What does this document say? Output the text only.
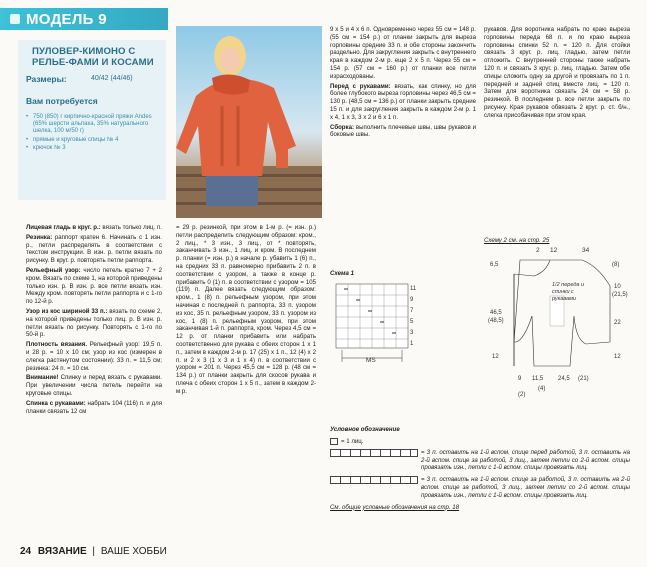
МОДЕЛЬ 9
ПУЛОВЕР-КИМОНО С РЕЛЬЕ-ФАМИ И КОСАМИ
Размеры:	40/42 (44/46)
Вам потребуется
• 750 (850) г кирпично-красной пряжи Andes (65% шерсти альпака, 35% натурального шелка, 100 м/50 г)
• прямые и круговые спицы № 4
• крючок № 3

Лицевая гладь в круг. р.: вязать только лиц. п.

Резинка: раппорт кратен 6. Начинать с 1 изн. р., петли распределять в соответствии с текстом инструкции. В изн. р. петли вязать по рисунку. В круг. р. повторять петли раппорта.

Рельефный узор: число петель кратно 7 + 2 кром. Вязать по схеме 1, на которой приведены только изн. р. В изн. р. все петли вязать изн. Между кром. повторять петли раппорта и с 1-го по 12-й р.

Узор из кос шириной 33 п.: вязать по схеме 2, на которой приведены только лиц. р. В изн. р. петли вязать по рисунку. Повторять с 1-го по 50-й р.

Плотность вязания. Рельефный узор: 19,5 п. и 28 р. = 10 х 10 см; узор из кос (измерен в слегка растянутом состоянии): 33 п. = 11,5 см; резинка: 24 п. = 10 см.

Внимание! Спинку и перед вязать с рукавами. При увеличении числа петель перейти на круговые спицы.

Спинка с рукавами: набрать 104 (116) п. и для планки связать 12 см

= 29 р. резинкой, при этом в 1-м р. (= изн. р.) петли распределить следующим образом: кром., 2 лиц., * 3 изн., 3 лиц., от * повторять, заканчивать 3 изн., 1 лиц. и кром. В последнем р. планки (= изн. р.) в начале р. убавить 1 (6) п., на средних 33 п. равномерно прибавить 2 п. в соответствии с узором, а также в конце р. прибавить 0 (1) п. в соответствии с узором = 105 (119) п. Далее вязать следующим образом: кром., 1 (8) п. рельефным узором, при этом начиная с последней п. раппорта, 33 п. узором из кос, 35 п. рельефным узором, 33 п. узором из кос, 1 (8) п. рельефным узором, при этом заканчивая 1-й п. раппорта, кром. Через 4,5 см = 12 р. от планки прибавить или набрать соответственно для рукава с обеих сторон 1 х 1 п., затем в каждом 2-м р. 17 (25) х 1 п., 12 (4) х 2 п. и 2 х 3 (1 х 3 и 1 х 4) п. в соответствии с узором = 201 п. Через 45,5 см = 128 р. (48 см = 134 р.) от планки закрыть для скосов рукава и плеча с обеих сторон 1 х 5 п., затем в каждом 2-м р.

9 х 5 и 4 х 6 п. Одновременно через 55 см = 148 р. (55 см = 154 р.) от планки закрыть для выреза горловины средние 33 п. и обе стороны закончить раздельно. Для закругления закрыть с внутреннего края в каждом 2-м р. еще 2 х 5 п. Через 55 см = 154 р. (57 см = 160 р.) от планки все петли израсходованы.

Перед с рукавами: вязать, как спинку, но для более глубокого выреза горловины через 46,5 см = 130 р. (48,5 см = 136 р.) от планки закрыть средние 15 п. и для закругления закрыть в каждом 2-м р. 1 х 4, 1 х 3, 3 х 2 и 6 х 1 п.

Сборка: выполнить плечевые швы, швы рукавов и боковые швы.

рукавов. Для воротника набрать по краю выреза горловины переда 68 п. и по краю выреза горловины спинки 52 п. = 120 п. Для стойки связать 3 круг. р. лиц. гладью, затем петли отложить. С внутренней стороны также набрать 120 п. и связать 3 круг. р. лиц. гладью. Затем обе спицы сложить одну за другой и провязать по 1 п. передней и задней спиц вместе лиц. = 120 п. Затем для воротника связать 24 см = 58 р. резинкой. В последнем р. все петли закрыть по рисунку. Края рукавов обвязать 2 круг. р. ст. б/н., слегка присобачивая при этом края.

Схему 2 см. на стр. 25
2 12	34
6,5
46,5
(48,5)
12
(8)
10
(21,5)
22
12
9 11,5 24,5 (21)
(4)
(2)
1/2 переда и спинки с рукавами
Схема 1
11
9
7
5
3
1
MS
Условное обозначение
= 1 лиц.
= 3 п. оставить на 1-й вспом. спице перед работой, 3 п. оставить на 2-й вспом. спице за работой, 3 лиц., затем петли со 2-й вспом. спицы провязать изн., петли с 1-й вспом. спицы провязать лиц.
= 3 п. оставить на 1-й вспом. спице за работой, 3 п. оставить на 2-й вспом. спице за работой, 3 лиц., затем петли со 2-й вспом. спицы провязать изн., петли с 1-й вспом. спицы провязать лиц.
См. общие условные обозначения на стр. 18
24 ВЯЗАНИЕ | ВАШЕ ХОББИ
